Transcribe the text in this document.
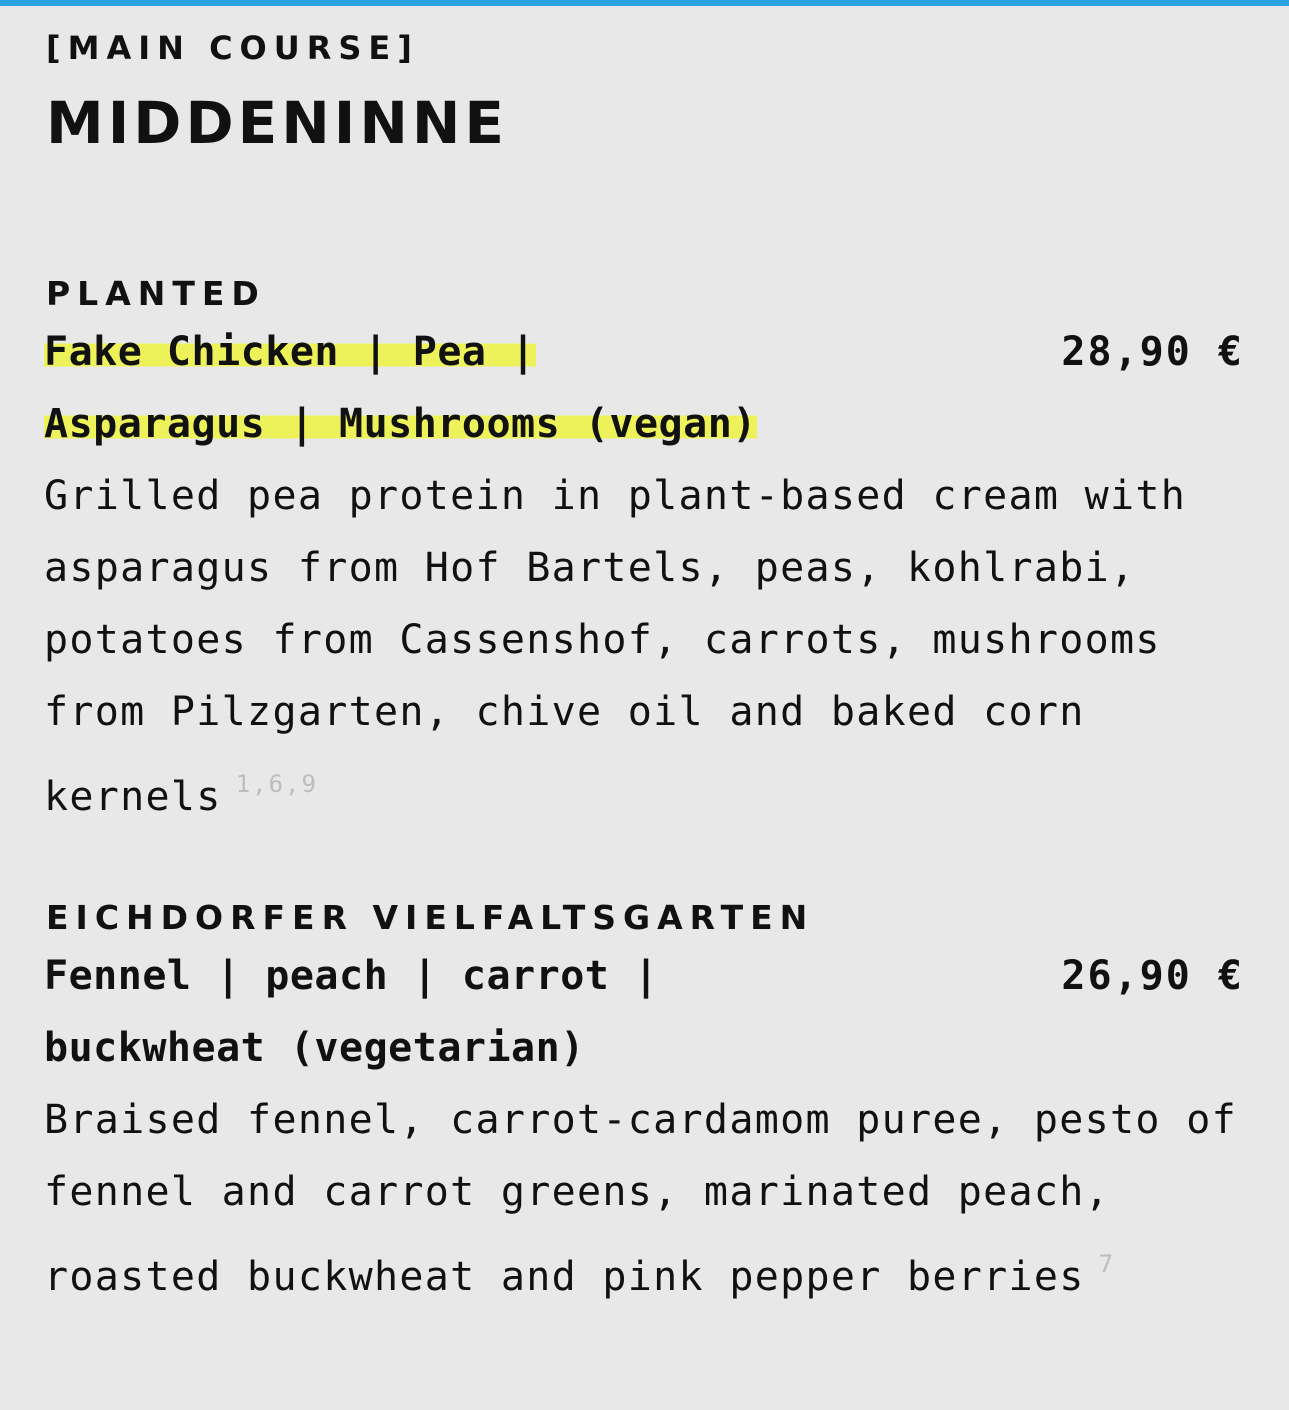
[MAIN COURSE]
MIDDENINNE
PLANTED
Fake Chicken | Pea |
Asparagus | Mushrooms (vegan)
28,90 €
Grilled pea protein in plant-based cream with asparagus from Hof Bartels, peas, kohlrabi, potatoes from Cassenshof, carrots, mushrooms from Pilzgarten, chive oil and baked corn kernels $^{1,6,9}$
EICHDORFER VIELFALTSGARTEN
Fennel | peach | carrot |
buckwheat (vegetarian)
26,90 €
Braised fennel, carrot-cardamom puree, pesto of fennel and carrot greens, marinated peach, roasted buckwheat and pink pepper berries $^7$
